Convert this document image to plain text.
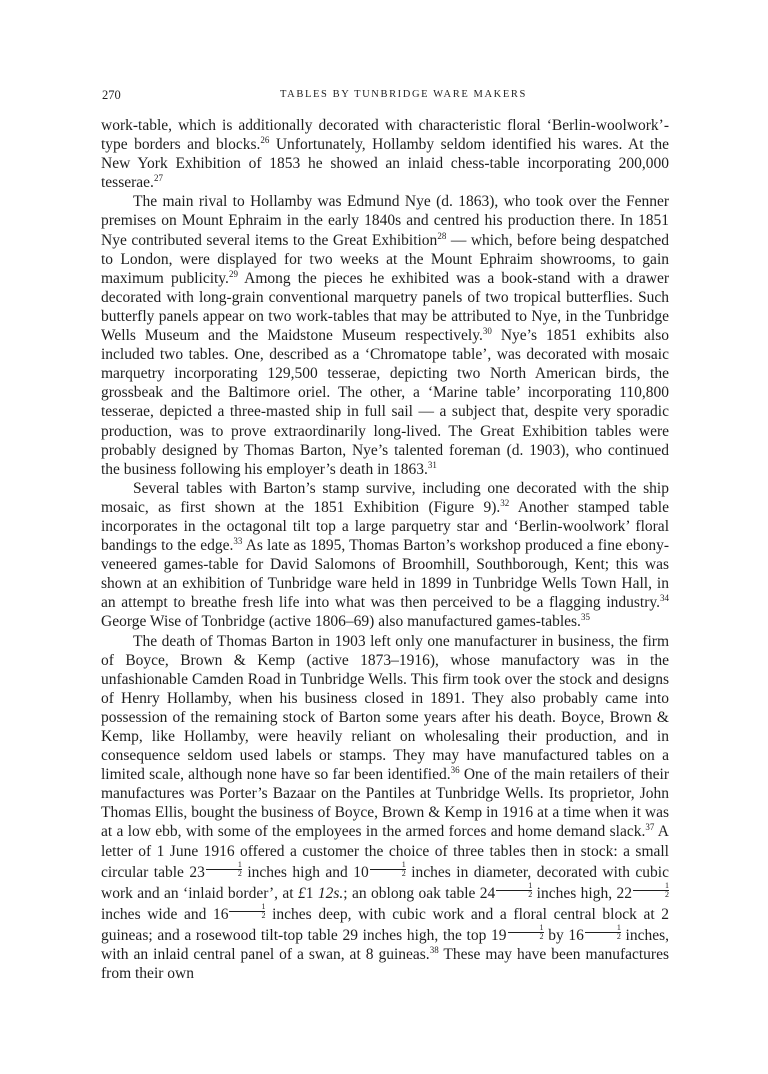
270	TABLES BY TUNBRIDGE WARE MAKERS

work-table, which is additionally decorated with characteristic floral ‘Berlin-woolwork’-type borders and blocks.$^{26}$ Unfortunately, Hollamby seldom identified his wares. At the New York Exhibition of 1853 he showed an inlaid chess-table incorporating 200,000 tesserae.$^{27}$

The main rival to Hollamby was Edmund Nye (d. 1863), who took over the Fenner premises on Mount Ephraim in the early 1840s and centred his production there. In 1851 Nye contributed several items to the Great Exhibition$^{28}$ — which, before being despatched to London, were displayed for two weeks at the Mount Ephraim showrooms, to gain maximum publicity.$^{29}$ Among the pieces he exhibited was a book-stand with a drawer decorated with long-grain conventional marquetry panels of two tropical butterflies. Such butterfly panels appear on two work-tables that may be attributed to Nye, in the Tunbridge Wells Museum and the Maidstone Museum respectively.$^{30}$ Nye’s 1851 exhibits also included two tables. One, described as a ‘Chromatope table’, was decorated with mosaic marquetry incorporating 129,500 tesserae, depicting two North American birds, the grossbeak and the Baltimore oriel. The other, a ‘Marine table’ incorporating 110,800 tesserae, depicted a three-masted ship in full sail — a subject that, despite very sporadic production, was to prove extraordinarily long-lived. The Great Exhibition tables were probably designed by Thomas Barton, Nye’s talented foreman (d. 1903), who continued the business following his employer’s death in 1863.31

Several tables with Barton’s stamp survive, including one decorated with the ship mosaic, as first shown at the 1851 Exhibition (Figure 9).$^{32}$ Another stamped table incorporates in the octagonal tilt top a large parquetry star and ‘Berlin-woolwork’ floral bandings to the edge.$^{33}$ As late as 1895, Thomas Barton’s workshop produced a fine ebony-veneered games-table for David Salomons of Broomhill, Southborough, Kent; this was shown at an exhibition of Tunbridge ware held in 1899 in Tunbridge Wells Town Hall, in an attempt to breathe fresh life into what was then perceived to be a flagging industry.$^{34}$ George Wise of Tonbridge (active 1806–69) also manufactured games-tables.$^{35}$

The death of Thomas Barton in 1903 left only one manufacturer in business, the firm of Boyce, Brown & Kemp (active 1873–1916), whose manufactory was in the unfashionable Camden Road in Tunbridge Wells. This firm took over the stock and designs of Henry Hollamby, when his business closed in 1891. They also probably came into possession of the remaining stock of Barton some years after his death. Boyce, Brown & Kemp, like Hollamby, were heavily reliant on wholesaling their production, and in consequence seldom used labels or stamps. They may have manufactured tables on a limited scale, although none have so far been identified.$^{36}$ One of the main retailers of their manufactures was Porter’s Bazaar on the Pantiles at Tunbridge Wells. Its proprietor, John Thomas Ellis, bought the business of Boyce, Brown & Kemp in 1916 at a time when it was at a low ebb, with some of the employees in the armed forces and home demand slack.$^{37}$ A letter of 1 June 1916 offered a customer the choice of three tables then in stock: a small circular table $23 \frac{1}{2}$ inches high and $10 \frac{1}{2}$ inches in diameter, decorated with cubic work and an ‘inlaid border’, at £1 12s.; an oblong oak table $24 \frac{1}{2}$ inches high, $22 \frac{1}{2}$
inches wide and $16 \frac{1}{2}$ inches deep, with cubic work and a floral central block at 2 guineas; and a rosewood tilt-top table 29 inches high, the top $19 \frac{1}{2}$ by $16 \frac{1}{2}$ inches, with an inlaid central panel of a swan, at 8 guineas.$^{38}$ These may have been manufactures from their own
